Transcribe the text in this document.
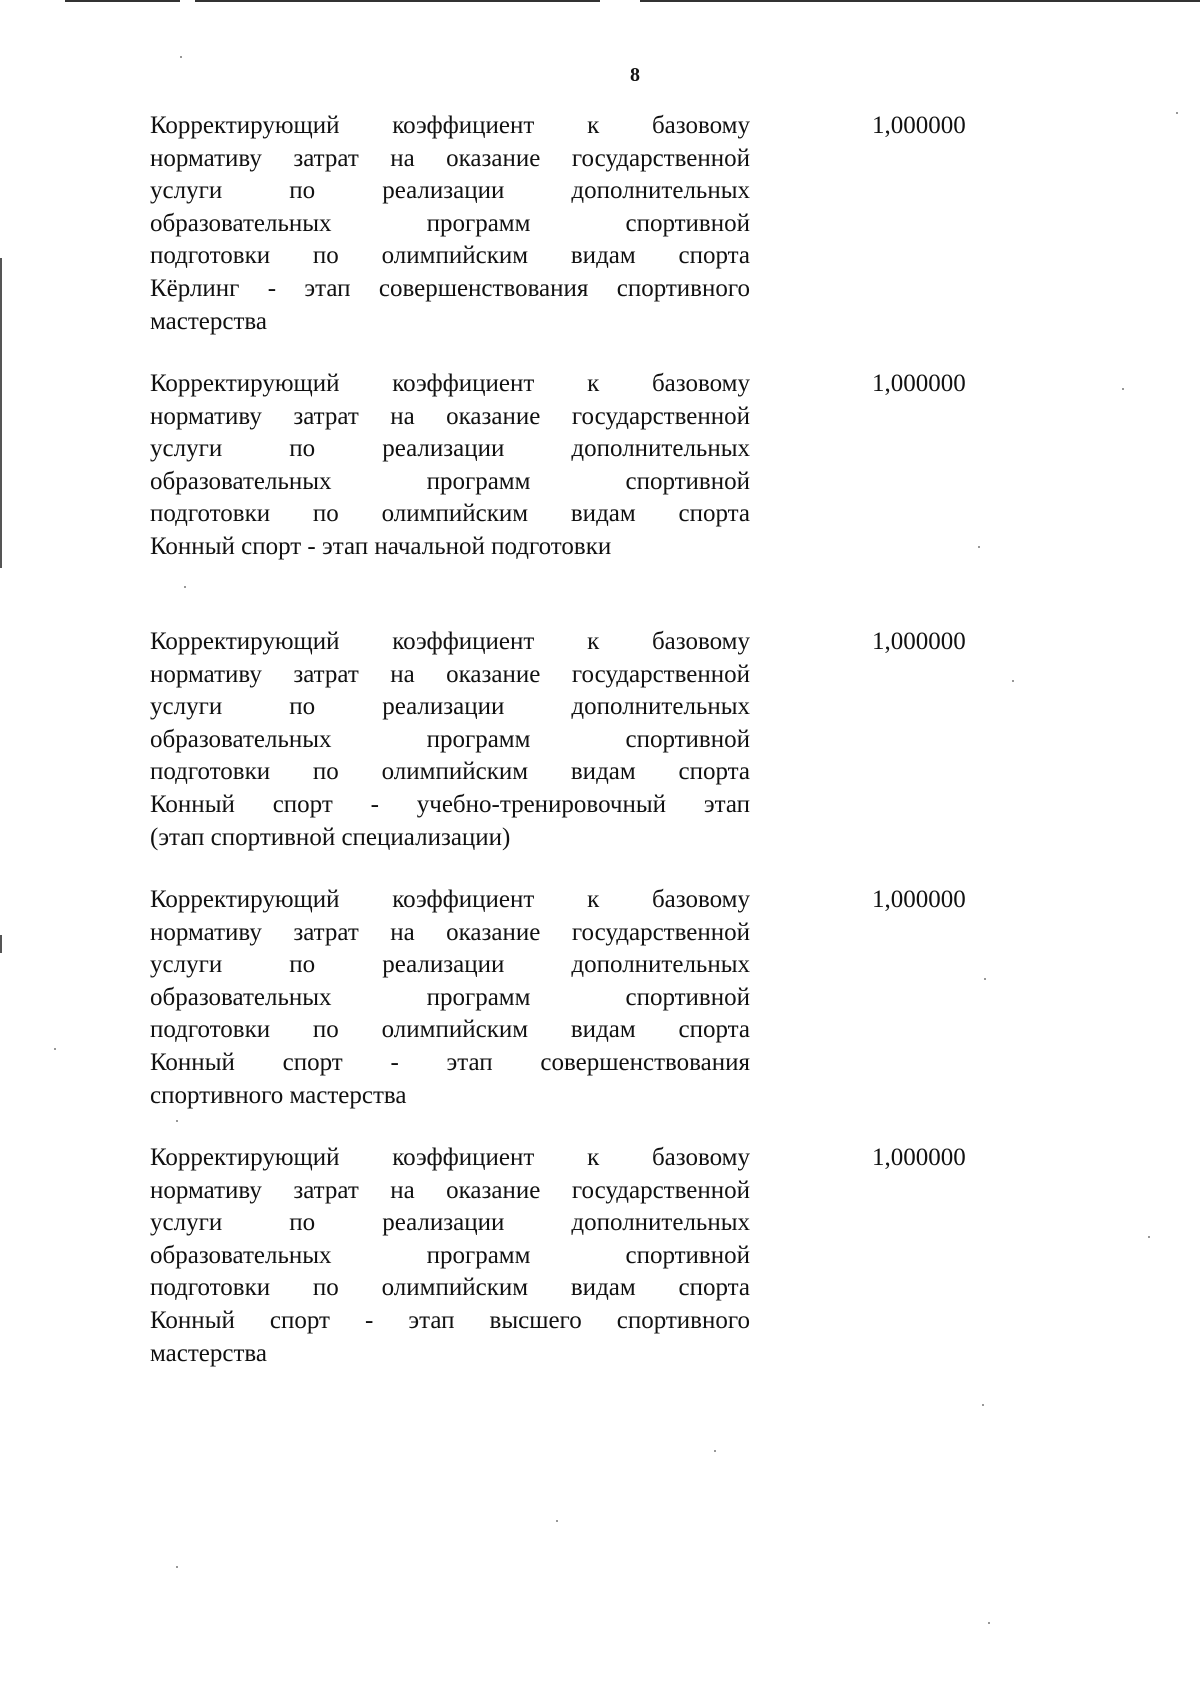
8
Корректирующий коэффициент к базовому
нормативу затрат на оказание государственной
услуги по реализации дополнительных
образовательных программ спортивной
подготовки по олимпийским видам спорта
Кёрлинг - этап совершенствования спортивного
мастерства
1,000000
Корректирующий коэффициент к базовому
нормативу затрат на оказание государственной
услуги по реализации дополнительных
образовательных программ спортивной
подготовки по олимпийским видам спорта
Конный спорт - этап начальной подготовки
1,000000
Корректирующий коэффициент к базовому
нормативу затрат на оказание государственной
услуги по реализации дополнительных
образовательных программ спортивной
подготовки по олимпийским видам спорта
Конный спорт - учебно-тренировочный этап
(этап спортивной специализации)
1,000000
Корректирующий коэффициент к базовому
нормативу затрат на оказание государственной
услуги по реализации дополнительных
образовательных программ спортивной
подготовки по олимпийским видам спорта
Конный спорт - этап совершенствования
спортивного мастерства
1,000000
Корректирующий коэффициент к базовому
нормативу затрат на оказание государственной
услуги по реализации дополнительных
образовательных программ спортивной
подготовки по олимпийским видам спорта
Конный спорт - этап высшего спортивного
мастерства
1,000000
